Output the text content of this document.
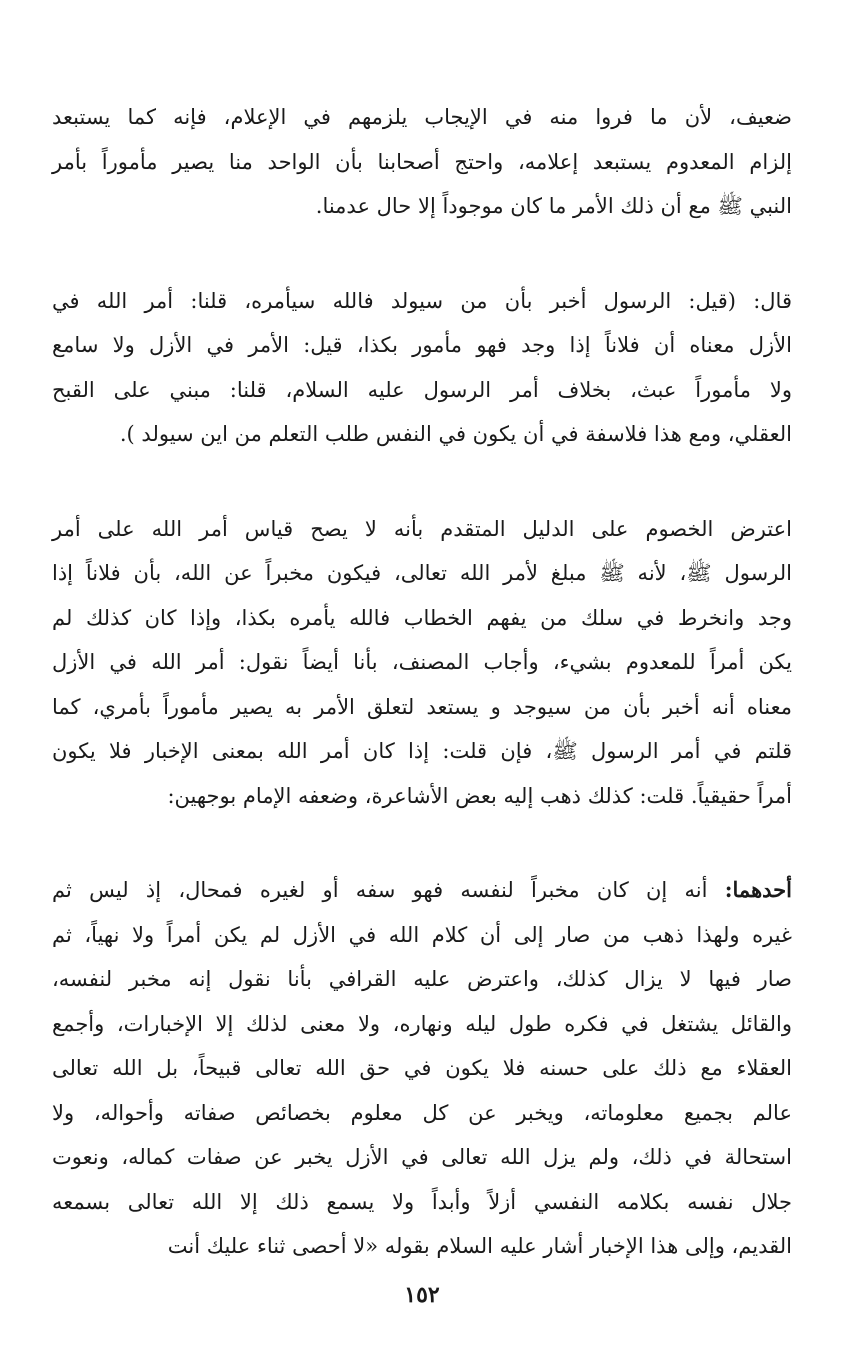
ضعيف، لأن ما فروا منه في الإيجاب يلزمهم في الإعلام، فإنه كما يستبعد
إلزام المعدوم يستبعد إعلامه، واحتج أصحابنا بأن الواحد منا يصير مأموراً بأمر
النبي ﷺ مع أن ذلك الأمر ما كان موجوداً إلا حال عدمنا.

قال: (قيل: الرسول أخبر بأن من سيولد فالله سيأمره، قلنا: أمر الله في
الأزل معناه أن فلاناً إذا وجد فهو مأمور بكذا، قيل: الأمر في الأزل ولا سامع
ولا مأموراً عبث، بخلاف أمر الرسول عليه السلام، قلنا: مبني على القبح
العقلي، ومع هذا فلاسفة في أن يكون في النفس طلب التعلم من اين سيولد ).

اعترض الخصوم على الدليل المتقدم بأنه لا يصح قياس أمر الله على أمر
الرسول ﷺ، لأنه ﷺ مبلغ لأمر الله تعالى، فيكون مخبراً عن الله، بأن فلاناً إذا
وجد وانخرط في سلك من يفهم الخطاب فالله يأمره بكذا، وإذا كان كذلك لم
يكن أمراً للمعدوم بشيء، وأجاب المصنف، بأنا أيضاً نقول: أمر الله في الأزل
معناه أنه أخبر بأن من سيوجد و يستعد لتعلق الأمر به يصير مأموراً بأمري، كما
قلتم في أمر الرسول ﷺ، فإن قلت: إذا كان أمر الله بمعنى الإخبار فلا يكون
أمراً حقيقياً. قلت: كذلك ذهب إليه بعض الأشاعرة، وضعفه الإمام بوجهين:

أحدهما: أنه إن كان مخبراً لنفسه فهو سفه أو لغيره فمحال، إذ ليس ثم
غيره ولهذا ذهب من صار إلى أن كلام الله في الأزل لم يكن أمراً ولا نهياً، ثم
صار فيها لا يزال كذلك، واعترض عليه القرافي بأنا نقول إنه مخبر لنفسه،
والقائل يشتغل في فكره طول ليله ونهاره، ولا معنى لذلك إلا الإخبارات، وأجمع
العقلاء مع ذلك على حسنه فلا يكون في حق الله تعالى قبيحاً، بل الله تعالى
عالم بجميع معلوماته، ويخبر عن كل معلوم بخصائص صفاته وأحواله، ولا
استحالة في ذلك، ولم يزل الله تعالى في الأزل يخبر عن صفات كماله، ونعوت
جلال نفسه بكلامه النفسي أزلاً وأبداً ولا يسمع ذلك إلا الله تعالى بسمعه
القديم، وإلى هذا الإخبار أشار عليه السلام بقوله «لا أحصى ثناء عليك أنت

١٥٢
